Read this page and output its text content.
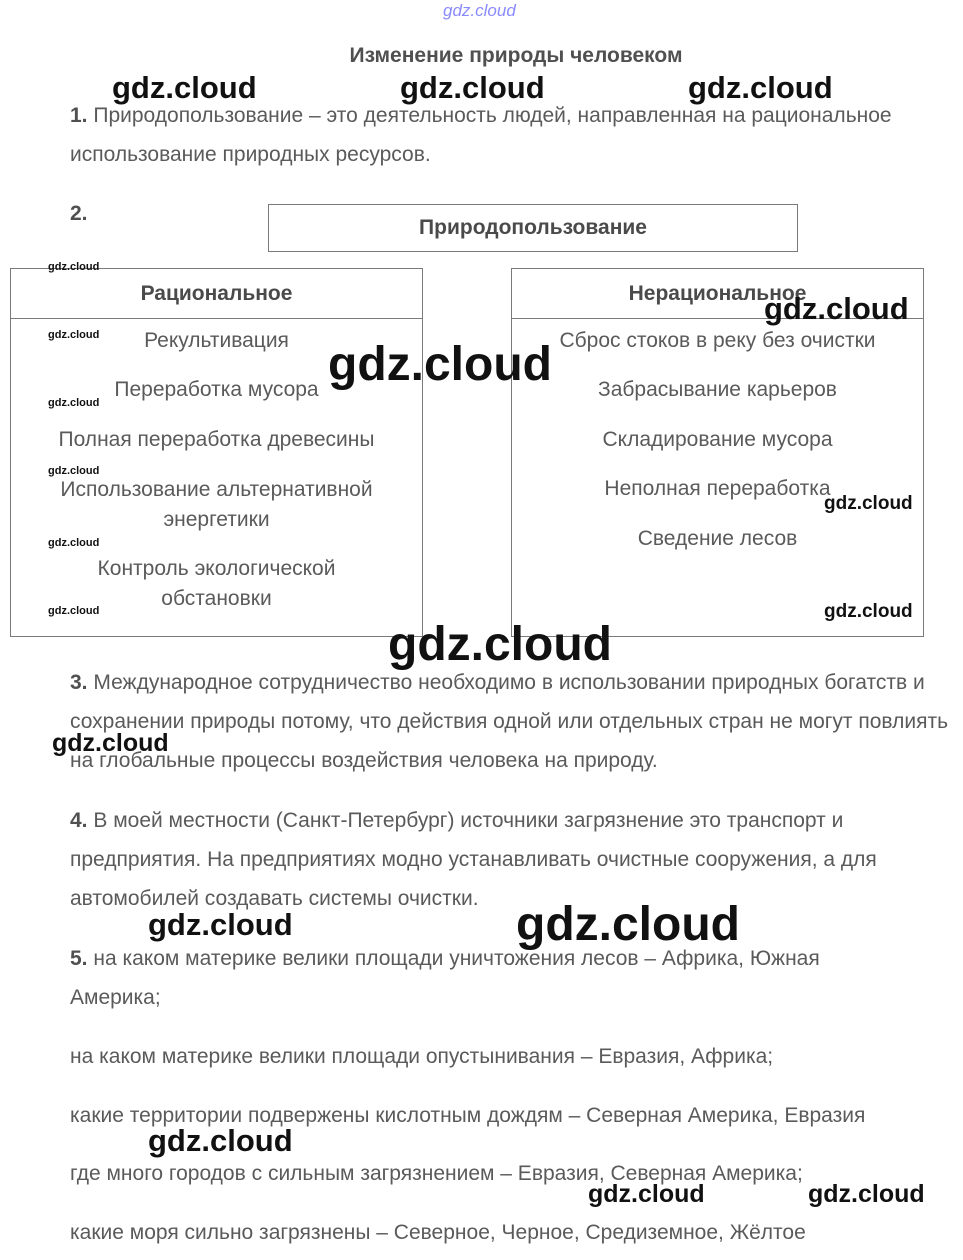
Изменение природы человеком
1. Природопользование – это деятельность людей, направленная на рациональное использование природных ресурсов.
2.
Природопользование
Рациональное
Рекультивация
Переработка мусора
Полная переработка древесины
Использование альтернативной энергетики
Контроль экологической обстановки
Нерациональное
Сброс стоков в реку без очистки
Забрасывание карьеров
Складирование мусора
Неполная переработка
Сведение лесов
3. Международное сотрудничество необходимо в использовании природных богатств и сохранении природы потому, что действия одной или отдельных стран не могут повлиять на глобальные процессы воздействия человека на природу.
4. В моей местности (Санкт-Петербург) источники загрязнение это транспорт и предприятия. На предприятиях модно устанавливать очистные сооружения, а для автомобилей создавать системы очистки.
5. на каком материке велики площади уничтожения лесов – Африка, Южная Америка;
на каком материке велики площади опустынивания – Евразия, Африка;
какие территории подвержены кислотным дождям – Северная Америка, Евразия
где много городов с сильным загрязнением – Евразия, Северная Америка;
какие моря сильно загрязнены – Северное, Черное, Средиземное, Жёлтое
gdz.cloud
gdz.cloud	gdz.cloud	gdz.cloud
gdz.cloud
gdz.cloud
gdz.cloud
gdz.cloud
gdz.cloud
gdz.cloud
gdz.cloud
gdz.cloud
gdz.cloud
gdz.cloud
gdz.cloud
gdz.cloud
gdz.cloud	gdz.cloud
gdz.cloud
gdz.cloud	gdz.cloud
